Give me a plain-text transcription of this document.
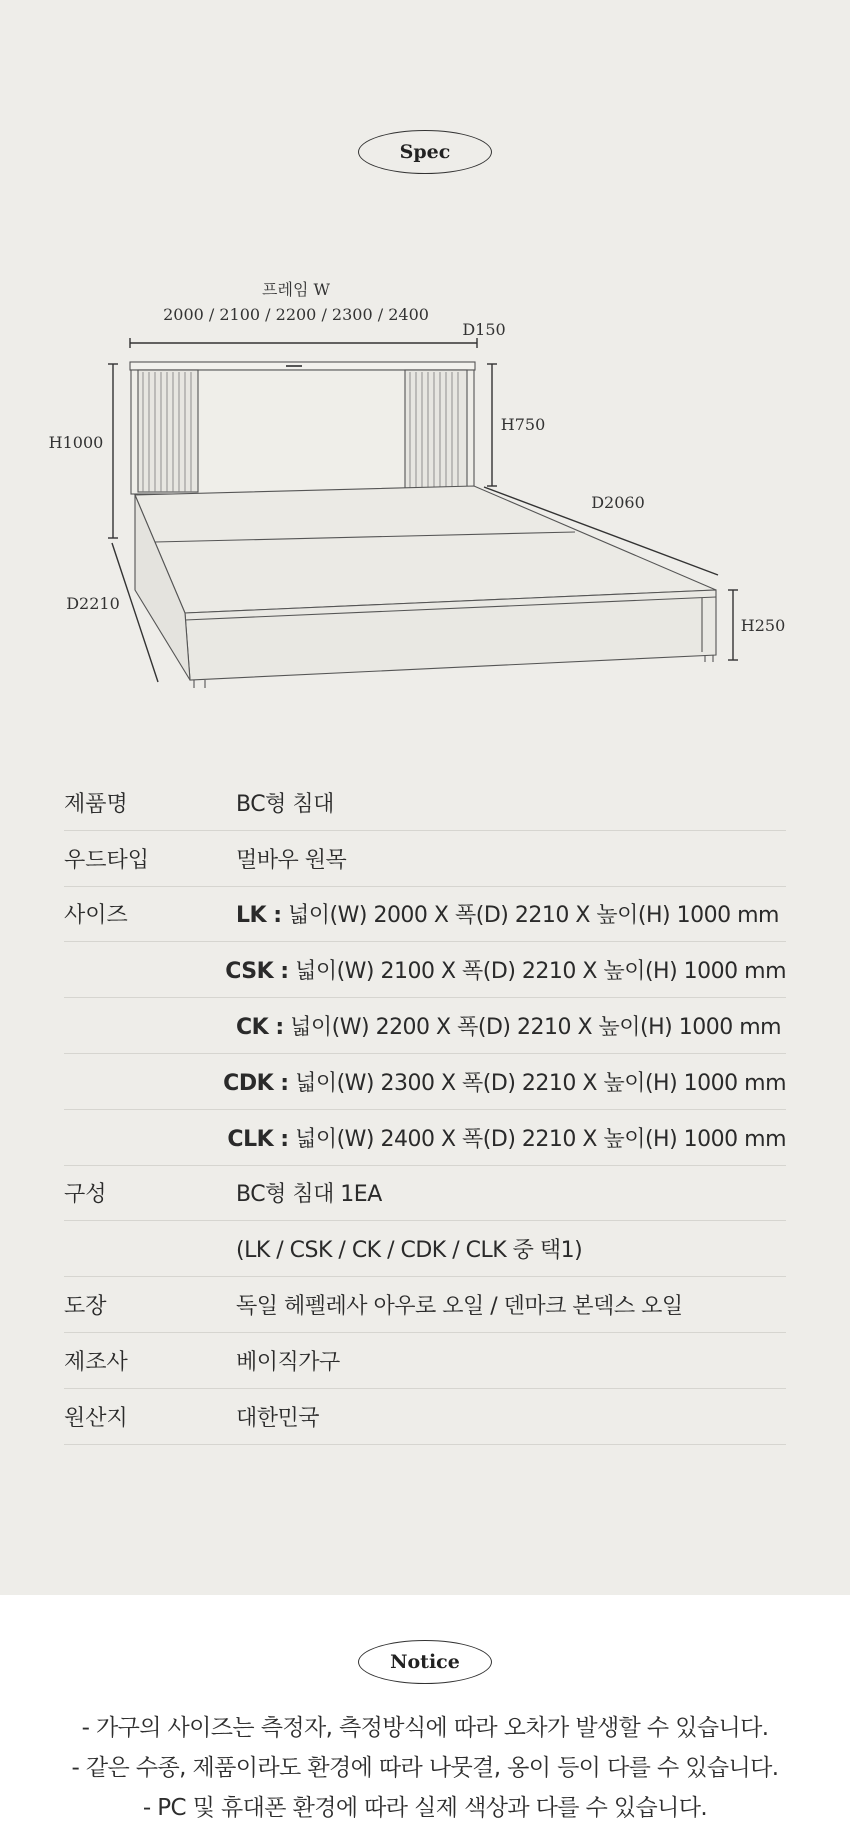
Spec
프레임 W
2000 / 2100 / 2200 / 2300 / 2400
D150
H1000
H750
D2060
D2210
H250
제품명	BC형 침대
우드타입	멀바우 원목
사이즈	LK : 넓이(W) 2000 X 폭(D) 2210 X 높이(H) 1000 mm
CSK : 넓이(W) 2100 X 폭(D) 2210 X 높이(H) 1000 mm
CK : 넓이(W) 2200 X 폭(D) 2210 X 높이(H) 1000 mm
CDK : 넓이(W) 2300 X 폭(D) 2210 X 높이(H) 1000 mm
CLK : 넓이(W) 2400 X 폭(D) 2210 X 높이(H) 1000 mm
구성	BC형 침대 1EA
(LK / CSK / CK / CDK / CLK 중 택1)
도장	독일 헤펠레사 아우로 오일 / 덴마크 본덱스 오일
제조사	베이직가구
원산지	대한민국
Notice
- 가구의 사이즈는 측정자, 측정방식에 따라 오차가 발생할 수 있습니다.
- 같은 수종, 제품이라도 환경에 따라 나뭇결, 옹이 등이 다를 수 있습니다.
- PC 및 휴대폰 환경에 따라 실제 색상과 다를 수 있습니다.
